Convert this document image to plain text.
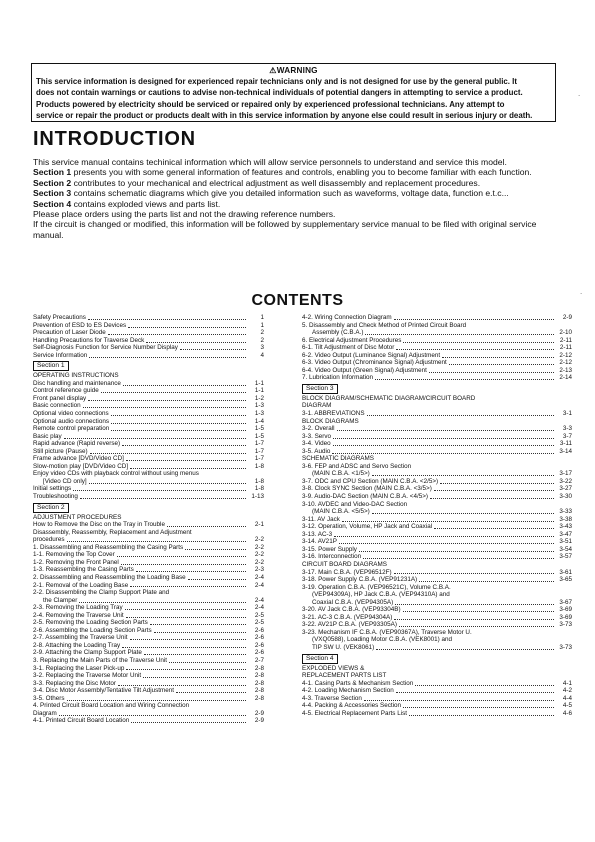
⚠WARNING
This service information is designed for experienced repair technicians only and is not designed for use by the general public. It
does not contain warnings or cautions to advise non-technical individuals of potential dangers in attempting to service a product.
Products powered by electricity should be serviced or repaired only by experienced professional technicians. Any attempt to
service or repair the product or products dealt with in this service information by anyone else could result in serious injury or death.
INTRODUCTION

This service manual contains techinical information which will allow service personnels to understand and service this model.

Section 1 presents you with some general information of features and controls, enabling you to become familiar with each function.

Section 2 contributes to your mechanical and electrical adjustment as well disassembly and replacement procedures.

Section 3 contains schematic diagrams which give you detailed information such as waveforms, voltage data, function e.t.c...

Section 4 contains exploded views and parts list.

Please place orders using the parts list and not the drawing reference numbers.

If the circuit is changed or modified, this information will be followed by supplementary service manual to be filed with original service manual.

CONTENTS
Safety Precautions	1
Prevention of ESD to ES Devices	1
Precaution of Laser Diode	2
Handling Precautions for Traverse Deck	2
Self-Diagnosis Function for Service Number Display	3
Service Information	4
Section 1
OPERATING INSTRUCTIONS
Disc handling and maintenance	1-1
Control reference guide	1-1
Front panel display	1-2
Basic connection	1-3
Optional video connections	1-3
Optional audio connections	1-4
Remote control preparation	1-5
Basic play	1-5
Rapid advance (Rapid reverse)	1-7
Still picture (Pause)	1-7
Frame advance [DVD/Video CD]	1-7
Slow-motion play [DVD/Video CD]	1-8
Enjoy video CDs with playback control without using menus
[Video CD only]	1-8
Initial settings	1-8
Troubleshooting	1-13
Section 2
ADJUSTMENT PROCEDURES
How to Remove the Disc on the Tray in Trouble	2-1
Disassembly, Reassembly, Replacement and Adjustment
procedures	2-2
1. Disassembling and Reassembling the Casing Parts	2-2
1-1. Removing the Top Cover	2-2
1-2. Removing the Front Panel	2-2
1-3. Reassembling the Casing Parts	2-3
2. Disassembling and Reassembling the Loading Base	2-4
2-1. Removal of the Loading Base	2-4
2-2. Disassembling the Clamp Support Plate and
the Clamper	2-4
2-3. Removing the Loading Tray	2-4
2-4. Removing the Traverse Unit	2-5
2-5. Removing the Loading Section Parts	2-5
2-6. Assembling the Loading Section Parts	2-6
2-7. Assembling the Traverse Unit	2-6
2-8. Attaching the Loading Tray	2-6
2-9. Attaching the Clamp Support Plate	2-6
3. Replacing the Main Parts of the Traverse Unit	2-7
3-1. Replacing the Laser Pick-up	2-8
3-2. Replacing the Traverse Motor Unit	2-8
3-3. Replacing the Disc Motor	2-8
3-4. Disc Motor Assembly/Tentative Tilt Adjustment	2-8
3-5. Others	2-8
4. Printed Circuit Board Location and Wiring Connection
Diagram	2-9
4-1. Printed Circuit Board Location	2-9
4-2. Wiring Connection Diagram	2-9
5. Disassembly and Check Method of Printed Circuit Board
Assembly (C.B.A.)	2-10
6. Electrical Adjustment Procedures	2-11
6-1. Tilt Adjustment of Disc Motor	2-11
6-2. Video Output (Luminance Signal) Adjustment	2-12
6-3. Video Output (Chrominance Signal) Adjustment	2-12
6-4. Video Output (Green Signal) Adjustment	2-13
7. Lubrication Information	2-14
Section 3
BLOCK DIAGRAM/SCHEMATIC DIAGRAM/CIRCUIT BOARD
DIAGRAM
3-1. ABBREVIATIONS	3-1
BLOCK DIAGRAMS
3-2. Overall	3-3
3-3. Servo	3-7
3-4. Video	3-11
3-5. Audio	3-14
SCHEMATIC DIAGRAMS
3-6. FEP and ADSC and Servo Section
(MAIN C.B.A. <1/5>)	3-17
3-7. ODC and CPU Section (MAIN C.B.A. <2/5>)	3-22
3-8. Clock SYNC Section (MAIN C.B.A. <3/5>)	3-27
3-9. Audio-DAC Section (MAIN C.B.A. <4/5>)	3-30
3-10. AVDEC and Video-DAC Section
(MAIN C.B.A. <5/5>)	3-33
3-11. AV Jack	3-38
3-12. Operation, Volume, HP Jack and Coaxial	3-43
3-13. AC-3	3-47
3-14. AV21P	3-51
3-15. Power Supply	3-54
3-16. Interconnection	3-57
CIRCUIT BOARD DIAGRAMS
3-17. Main C.B.A. (VEP96512F)	3-61
3-18. Power Supply C.B.A. (VEP91231A)	3-65
3-19. Operation C.B.A. (VEP96521C), Volume C.B.A.
(VEP94309A), HP Jack C.B.A. (VEP94310A) and
Coaxial C.B.A. (VEP94305A)	3-67
3-20. AV Jack C.B.A. (VEP93304B)	3-69
3-21. AC-3 C.B.A. (VEP94304A)	3-69
3-22. AV21P C.B.A. (VEP93305A)	3-73
3-23. Mechanism IF C.B.A. (VEP90367A), Traverse Motor U.
(VXQ0588), Loading Motor C.B.A. (VEK8001) and
TIP SW U. (VEK8061)	3-73
Section 4
EXPLODED VIEWS &
REPLACEMENT PARTS LIST
4-1. Casing Parts & Mechanism Section	4-1
4-2. Loading Mechanism Section	4-2
4-3. Traverse Section	4-4
4-4. Packing & Accessories Section	4-5
4-5. Electrical Replacement Parts List	4-6
⋅
⋅
